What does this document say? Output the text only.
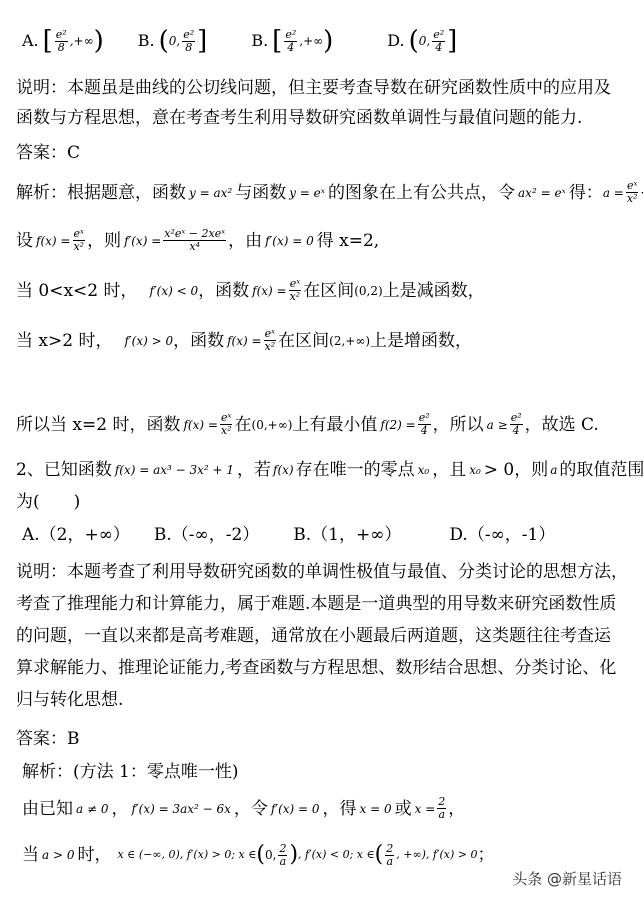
A. [ $\frac{\text{e²}}{8}$ , +∞ ) B. ( 0 , $\frac{\text{e²}}{8}$ ]	B. [ $\frac{\text{e²}}{4}$ , +∞ )	D. ( 0 , $\frac{\text{e²}}{4}$ ]
说明：本题虽是曲线的公切线问题，但主要考查导数在研究函数性质中的应用及
函数与方程思想，意在考查考生利用导数研究函数单调性与最值问题的能力.
答案：C
解析：根据题意，函数 y = ax² 与函数 y = eˣ 的图象在上有公共点，令 ax² = eˣ 得： $a = \frac{\text{eˣ}}{\text{x²}}$ ·
设 $f(x) = \frac{\text{eˣ}}{\text{x²}}$ ，则 $f'(x) = \frac{\text{x²eˣ − 2xeˣ}}{\text{x⁴}}$ ，由 f′(x) = 0 得 x=2,
当 0<x<2 时， f′(x) < 0 ，函数 $f(x) = \frac{\text{eˣ}}{\text{x²}}$ 在区间 (0,2) 上是减函数，
当 x>2 时， f′(x) > 0 ，函数 $f(x) = \frac{\text{eˣ}}{\text{x²}}$ 在区间 (2,+∞) 上是增函数，
所以当 x=2 时，函数 $f(x) = \frac{\text{eˣ}}{\text{x²}}$ 在 (0,+∞) 上有最小值 $f(2) = \frac{\text{e²}}{4}$ ，所以 $a \ge \frac{\text{e²}}{4}$ ，故选 C.
2、已知函数 f(x) = ax³ − 3x² + 1 ，若 f(x) 存在唯一的零点 x₀ ，且 x₀ > 0，则 a 的取值范围
为(　　)
A.（2，+∞） B.（-∞，-2） B.（1，+∞）	D.（-∞，-1）
说明：本题考查了利用导数研究函数的单调性极值与最值、分类讨论的思想方法，
考查了推理能力和计算能力，属于难题.本题是一道典型的用导数来研究函数性质
的问题，一直以来都是高考难题，通常放在小题最后两道题，这类题往往考查运
算求解能力、推理论证能力,考查函数与方程思想、数形结合思想、分类讨论、化
归与转化思想.
答案：B
解析：(方法 1：零点唯一性)
由已知 a ≠ 0 ， f′(x) = 3ax² − 6x ，令 f′(x) = 0 ，得 x = 0 或 $x = \frac{2}{a}$ ，
当 a > 0 时， x ∈ (−∞, 0), f′(x) > 0; x ∈ ( 0, $\frac{2}{a}$ ) , f′(x) < 0; x ∈ ( $\frac{2}{a}$ , +∞), f′(x) > 0 ；
头条 @新星话语
